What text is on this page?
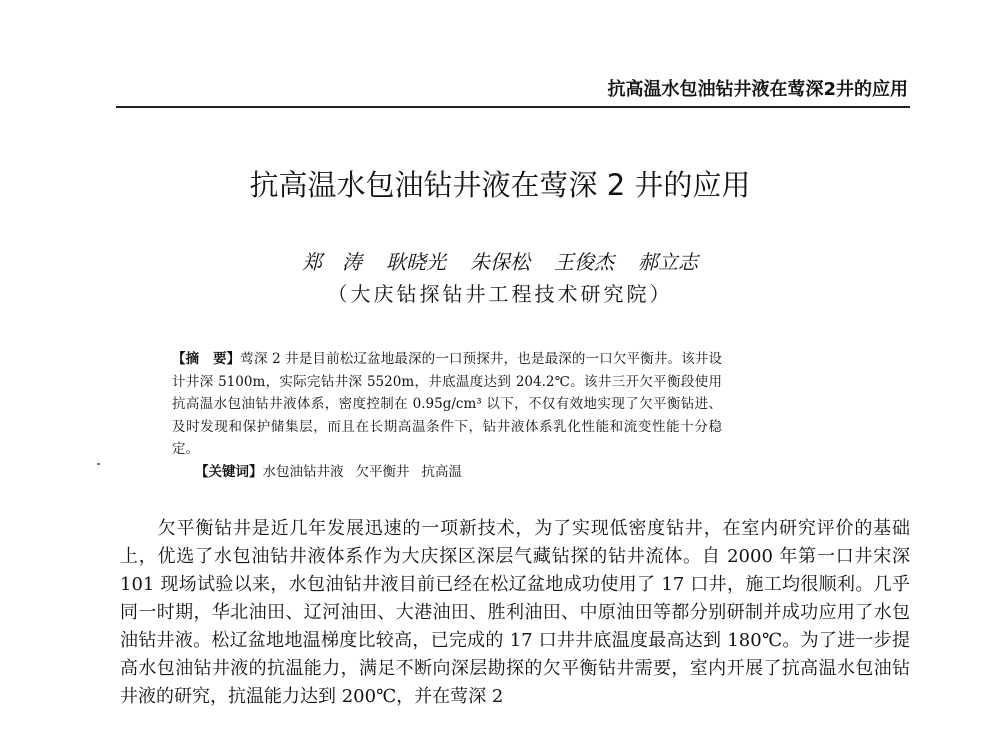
抗高温水包油钻井液在莺深2井的应用
抗高温水包油钻井液在莺深 2 井的应用
郑　涛 耿晓光 朱保松 王俊杰 郝立志
（大庆钻探钻井工程技术研究院）
【摘　要】莺深 2 井是目前松辽盆地最深的一口预探井，也是最深的一口欠平衡井。该井设计井深 5100m，实际完钻井深 5520m，井底温度达到 204.2℃。该井三开欠平衡段使用抗高温水包油钻井液体系，密度控制在 0.95g/cm³ 以下，不仅有效地实现了欠平衡钻进、及时发现和保护储集层，而且在长期高温条件下，钻井液体系乳化性能和流变性能十分稳定。
【关键词】水包油钻井液 欠平衡井 抗高温
　　欠平衡钻井是近几年发展迅速的一项新技术，为了实现低密度钻井，在室内研究评价的基础上，优选了水包油钻井液体系作为大庆探区深层气藏钻探的钻井流体。自 2000 年第一口井宋深 101 现场试验以来，水包油钻井液目前已经在松辽盆地成功使用了 17 口井，施工均很顺利。几乎同一时期，华北油田、辽河油田、大港油田、胜利油田、中原油田等都分别研制并成功应用了水包油钻井液。松辽盆地地温梯度比较高，已完成的 17 口井井底温度最高达到 180℃。为了进一步提高水包油钻井液的抗温能力，满足不断向深层勘探的欠平衡钻井需要，室内开展了抗高温水包油钻井液的研究，抗温能力达到 200℃，并在莺深 2
